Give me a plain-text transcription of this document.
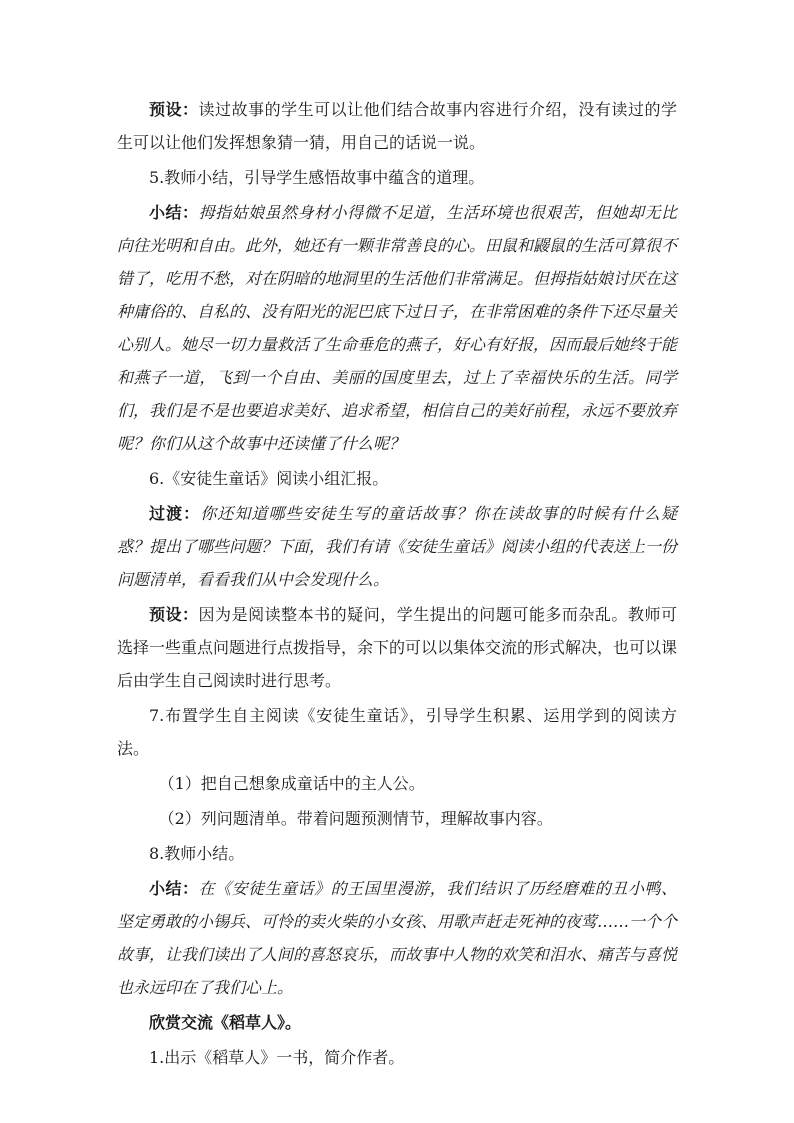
预设：读过故事的学生可以让他们结合故事内容进行介绍，没有读过的学生可以让他们发挥想象猜一猜，用自己的话说一说。

5.教师小结，引导学生感悟故事中蕴含的道理。

小结：拇指姑娘虽然身材小得微不足道，生活环境也很艰苦，但她却无比向往光明和自由。此外，她还有一颗非常善良的心。田鼠和鼹鼠的生活可算很不错了，吃用不愁，对在阴暗的地洞里的生活他们非常满足。但拇指姑娘讨厌在这种庸俗的、自私的、没有阳光的泥巴底下过日子，在非常困难的条件下还尽量关心别人。她尽一切力量救活了生命垂危的燕子，好心有好报，因而最后她终于能和燕子一道，飞到一个自由、美丽的国度里去，过上了幸福快乐的生活。同学们，我们是不是也要追求美好、追求希望，相信自己的美好前程，永远不要放弃呢？你们从这个故事中还读懂了什么呢？

6.《安徒生童话》阅读小组汇报。

过渡：你还知道哪些安徒生写的童话故事？你在读故事的时候有什么疑惑？提出了哪些问题？下面，我们有请《安徒生童话》阅读小组的代表送上一份问题清单，看看我们从中会发现什么。

预设：因为是阅读整本书的疑问，学生提出的问题可能多而杂乱。教师可选择一些重点问题进行点拨指导，余下的可以以集体交流的形式解决，也可以课后由学生自己阅读时进行思考。

7.布置学生自主阅读《安徒生童话》，引导学生积累、运用学到的阅读方法。

（1）把自己想象成童话中的主人公。

（2）列问题清单。带着问题预测情节，理解故事内容。

8.教师小结。

小结：在《安徒生童话》的王国里漫游，我们结识了历经磨难的丑小鸭、坚定勇敢的小锡兵、可怜的卖火柴的小女孩、用歌声赶走死神的夜莺……一个个故事，让我们读出了人间的喜怒哀乐，而故事中人物的欢笑和泪水、痛苦与喜悦也永远印在了我们心上。

欣赏交流《稻草人》。

1.出示《稻草人》一书，简介作者。
